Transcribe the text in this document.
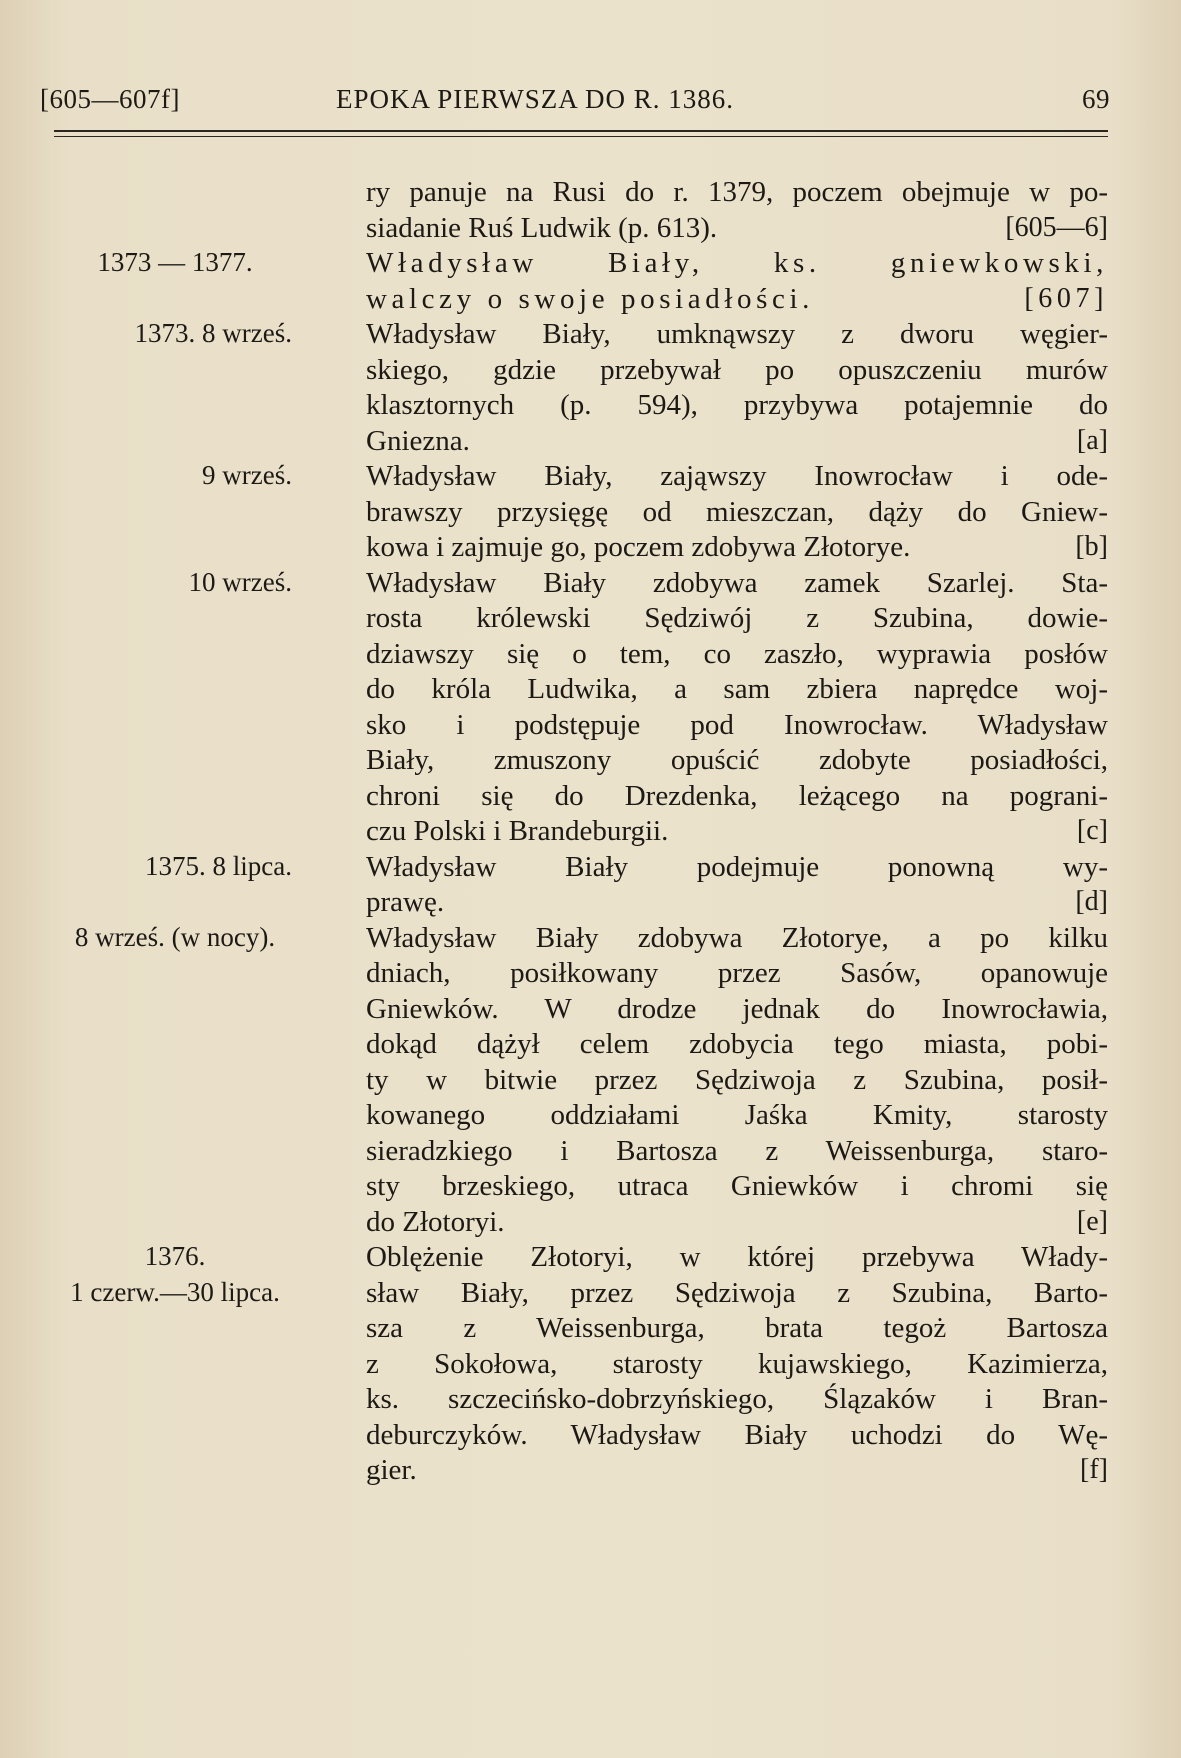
[605—607f]	EPOKA PIERWSZA DO R. 1386.	69
ry panuje na Rusi do r. 1379, poczem obejmuje w po-
siadanie Ruś Ludwik (p. 613).	[605—6]
1373 — 1377.	Władysław Biały, ks. gniewkowski,
walczy o swoje posiadłości.	[607]
1373. 8 wrześ.	Władysław Biały, umknąwszy z dworu węgier-
skiego, gdzie przebywał po opuszczeniu murów
klasztornych (p. 594), przybywa potajemnie do
Gniezna.	[a]
9 wrześ.	Władysław Biały, zająwszy Inowrocław i ode-
brawszy przysięgę od mieszczan, dąży do Gniew-
kowa i zajmuje go, poczem zdobywa Złotorye.	[b]
10 wrześ.	Władysław Biały zdobywa zamek Szarlej. Sta-
rosta królewski Sędziwój z Szubina, dowie-
dziawszy się o tem, co zaszło, wyprawia posłów
do króla Ludwika, a sam zbiera naprędce woj-
sko i podstępuje pod Inowrocław. Władysław
Biały, zmuszony opuścić zdobyte posiadłości,
chroni się do Drezdenka, leżącego na pograni-
czu Polski i Brandeburgii.	[c]
1375. 8 lipca.	Władysław Biały podejmuje ponowną wy-
prawę.	[d]
8 wrześ. (w nocy).	Władysław Biały zdobywa Złotorye, a po kilku
dniach, posiłkowany przez Sasów, opanowuje
Gniewków. W drodze jednak do Inowrocławia,
dokąd dążył celem zdobycia tego miasta, pobi-
ty w bitwie przez Sędziwoja z Szubina, posił-
kowanego oddziałami Jaśka Kmity, starosty
sieradzkiego i Bartosza z Weissenburga, staro-
sty brzeskiego, utraca Gniewków i chromi się
do Złotoryi.	[e]
1376.	Oblężenie Złotoryi, w której przebywa Włady-
1 czerw.—30 lipca.	sław Biały, przez Sędziwoja z Szubina, Barto-
sza z Weissenburga, brata tegoż Bartosza
z Sokołowa, starosty kujawskiego, Kazimierza,
ks. szczecińsko-dobrzyńskiego, Ślązaków i Bran-
deburczyków. Władysław Biały uchodzi do Wę-
gier.	[f]
